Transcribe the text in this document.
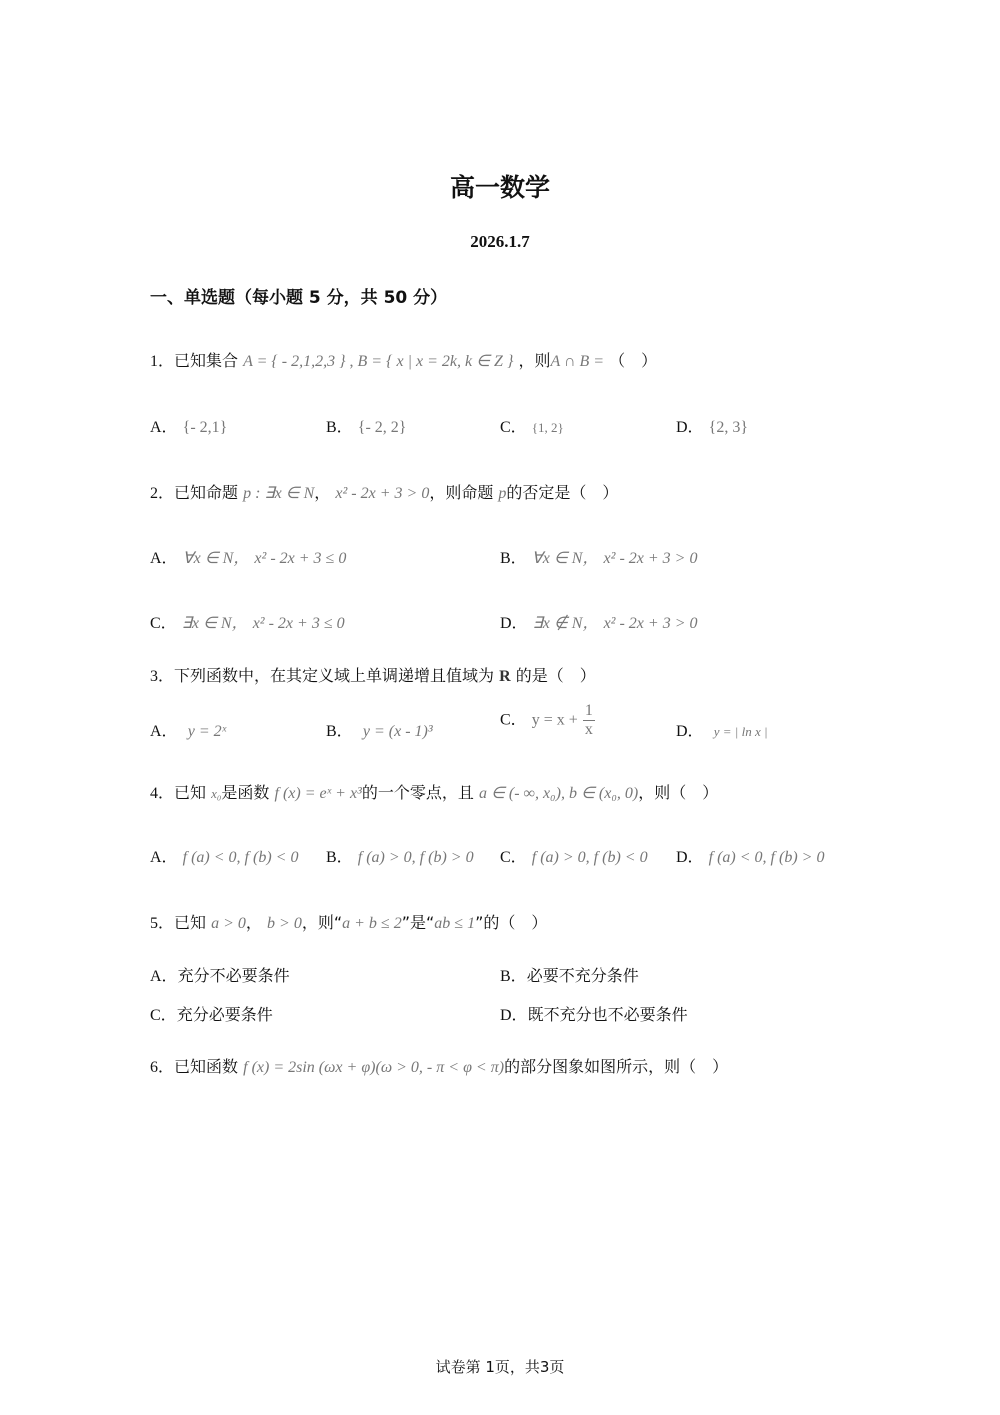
高一数学
2026.1.7
一、单选题（每小题 5 分，共 50 分）
1．已知集合 A = { - 2,1,2,3 } , B = { x | x = 2k, k ∈ Z } ，则A ∩ B = （　）
A． {- 2,1}	B． {- 2, 2}	C． {1, 2}	D． {2, 3}
2．已知命题 p : ∃x ∈ N， x² - 2x + 3 > 0，则命题 p的否定是（　）
A． ∀x ∈ N， x² - 2x + 3 ≤ 0	B． ∀x ∈ N， x² - 2x + 3 > 0
C． ∃x ∈ N， x² - 2x + 3 ≤ 0	D． ∃x ∉ N， x² - 2x + 3 > 0
3．下列函数中，在其定义域上单调递增且值域为 R 的是（　）
A． y = 2ˣ	B． y = (x - 1)³
C． $y = x + \frac{1}{x}$	D． y = | ln x |
4．已知 x₀是函数 f (x) = eˣ + x³的一个零点，且 a ∈ (- ∞, x₀), b ∈ (x₀, 0)，则（　）
A． f (a) < 0, f (b) < 0 B． f (a) > 0, f (b) > 0 C． f (a) > 0, f (b) < 0 D． f (a) < 0, f (b) > 0
5．已知 a > 0， b > 0，则“a + b ≤ 2”是“ab ≤ 1”的（　）
A．充分不必要条件	B．必要不充分条件
C．充分必要条件	D．既不充分也不必要条件
6．已知函数 f (x) = 2sin (ωx + φ)(ω > 0, - π < φ < π)的部分图象如图所示，则（　）
试卷第 1页，共3页
